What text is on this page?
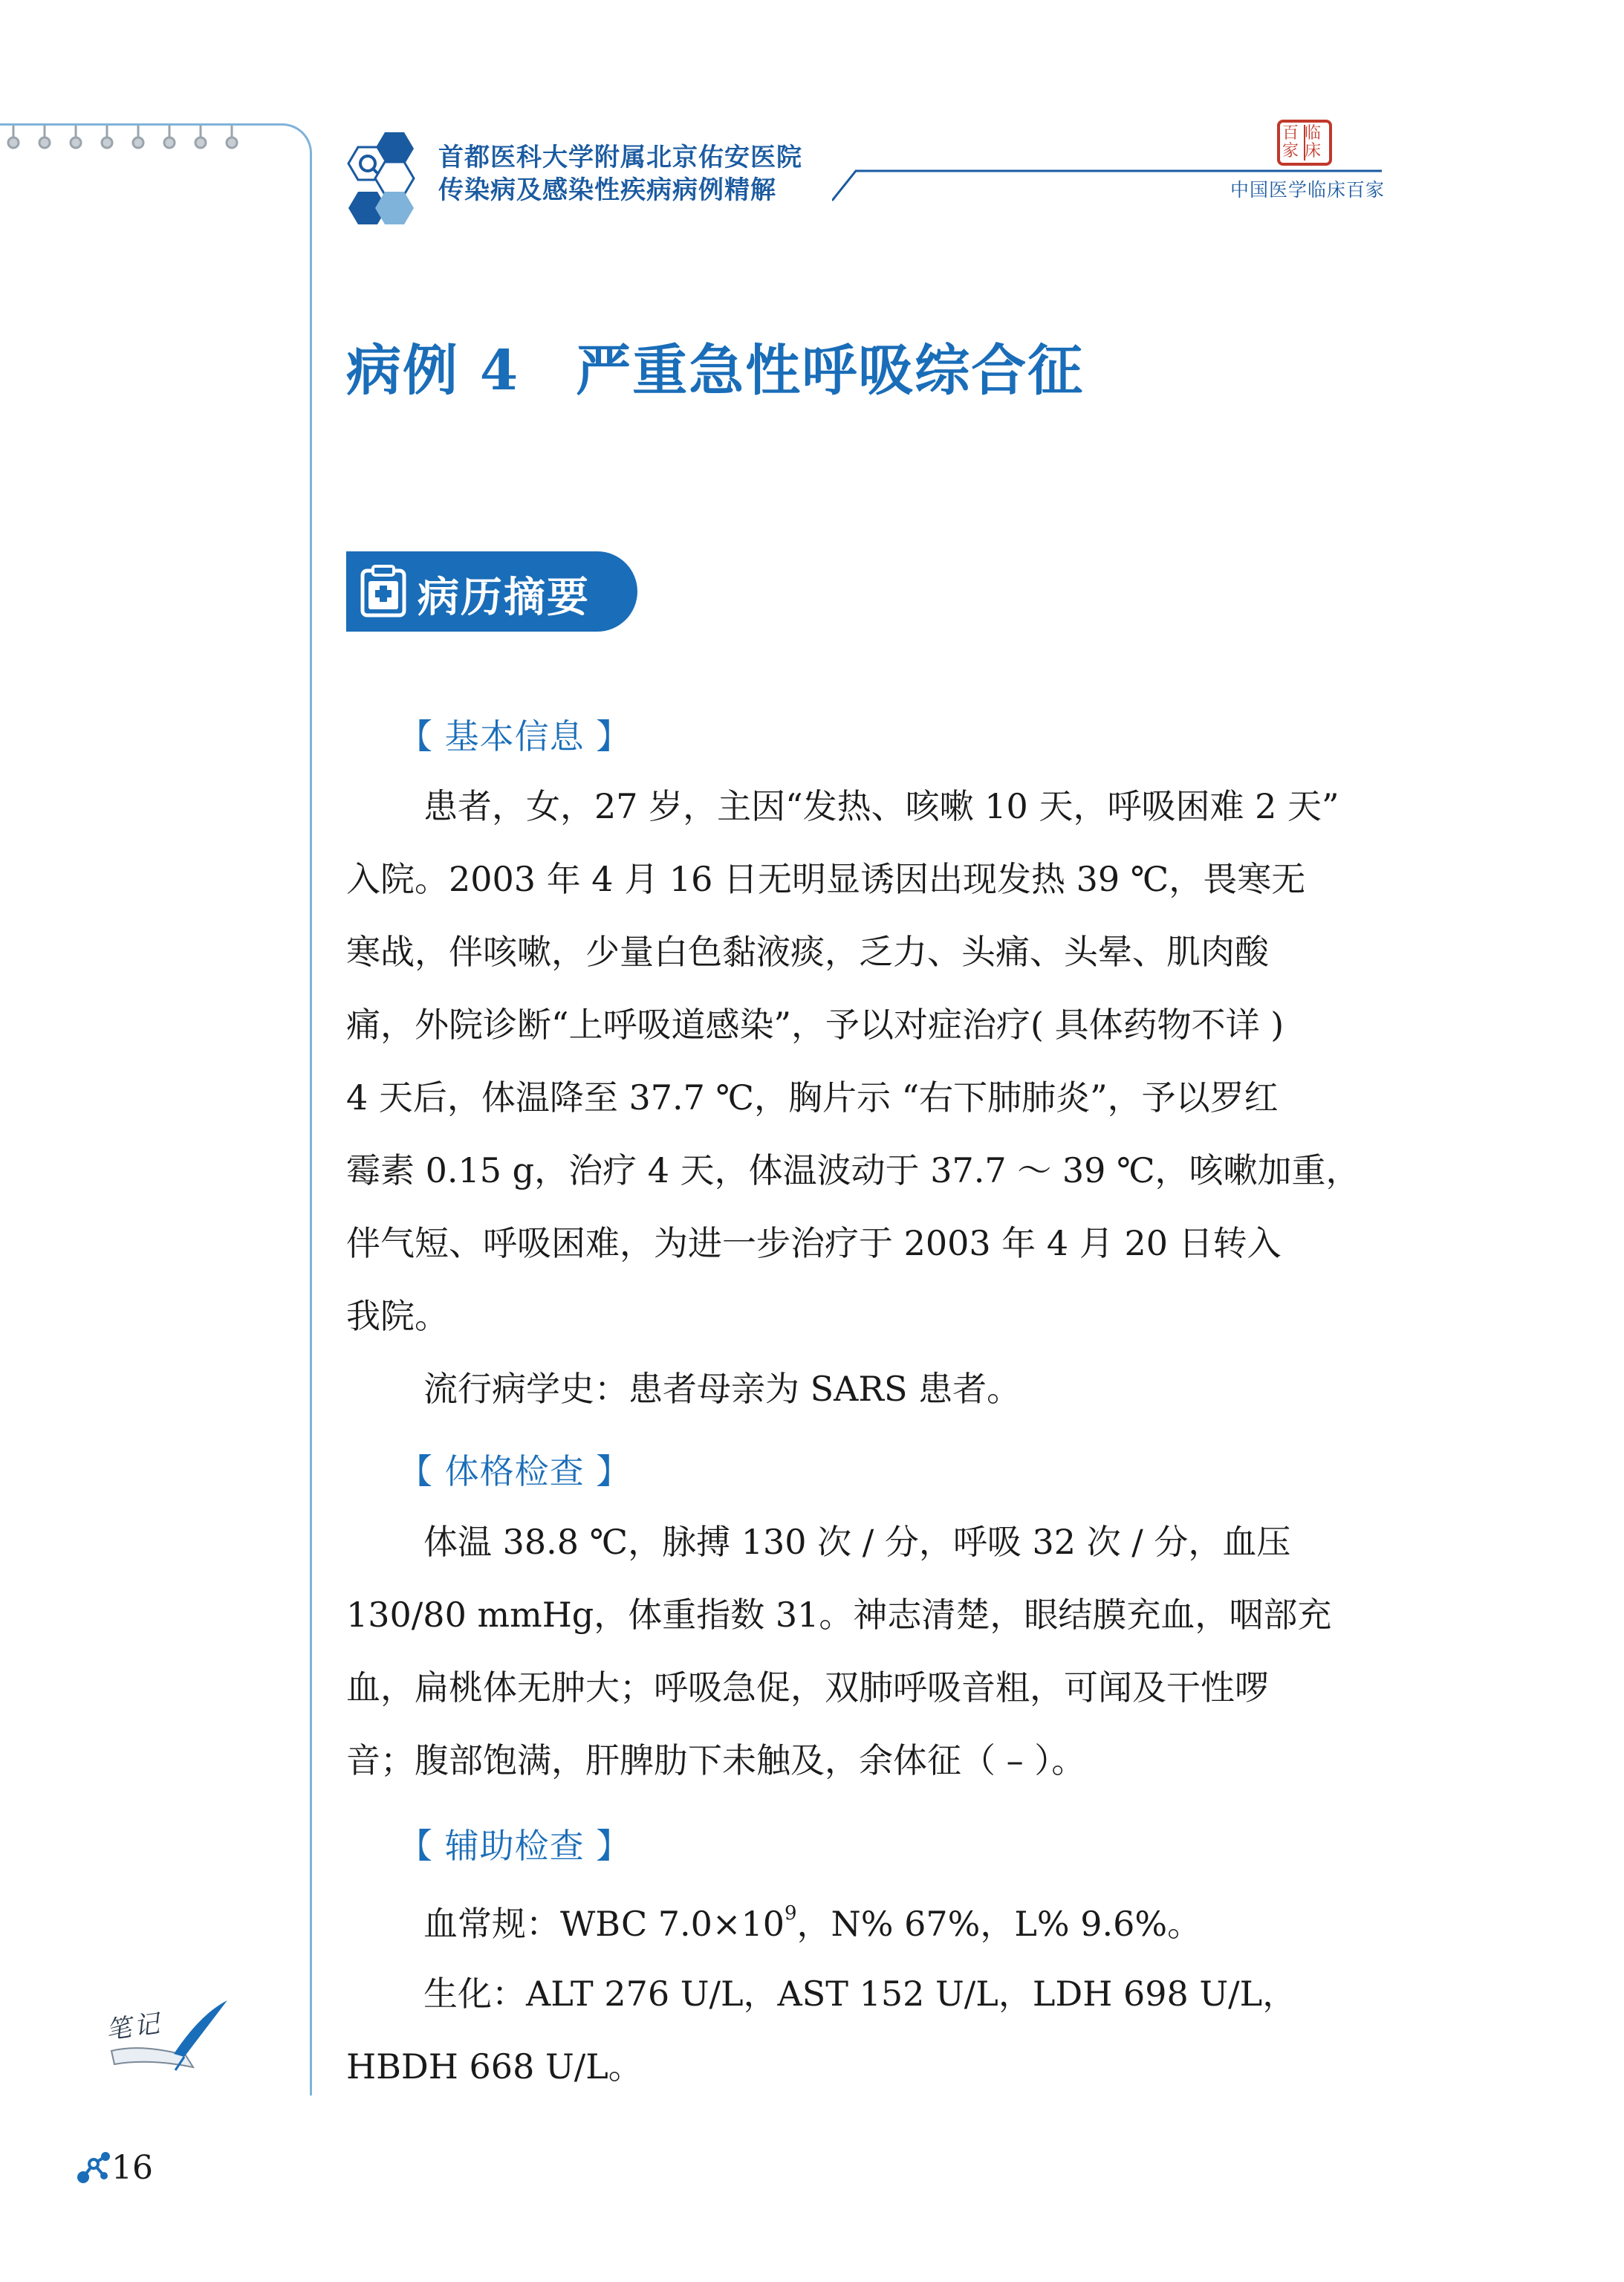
首都医科大学附属北京佑安医院
传染病及感染性疾病病例精解
百临家床
中国医学临床百家
病例 4　严重急性呼吸综合征
病历摘要
【 基本信息 】
患者，女，27 岁，主因“发热、咳嗽 10 天，呼吸困难 2 天”
入院。2003 年 4 月 16 日无明显诱因出现发热 39 ℃，畏寒无
寒战，伴咳嗽，少量白色黏液痰，乏力、头痛、头晕、肌肉酸
痛，外院诊断“上呼吸道感染”，予以对症治疗( 具体药物不详 )
4 天后，体温降至 37.7 ℃，胸片示 “右下肺肺炎”，予以罗红
霉素 0.15 g，治疗 4 天，体温波动于 37.7 ～ 39 ℃，咳嗽加重，
伴气短、呼吸困难，为进一步治疗于 2003 年 4 月 20 日转入
我院。
流行病学史：患者母亲为 SARS 患者。
【 体格检查 】
体温 38.8 ℃，脉搏 130 次 / 分，呼吸 32 次 / 分，血压
130/80 mmHg，体重指数 31。神志清楚，眼结膜充血，咽部充
血，扁桃体无肿大；呼吸急促，双肺呼吸音粗，可闻及干性啰
音；腹部饱满，肝脾肋下未触及，余体征（ – ）。
【 辅助检查 】
血常规：WBC $7.0\times 10^9$，N% 67%，L% 9.6%。
生化：ALT 276 U/L，AST 152 U/L，LDH 698 U/L，
HBDH 668 U/L。
笔记
16
